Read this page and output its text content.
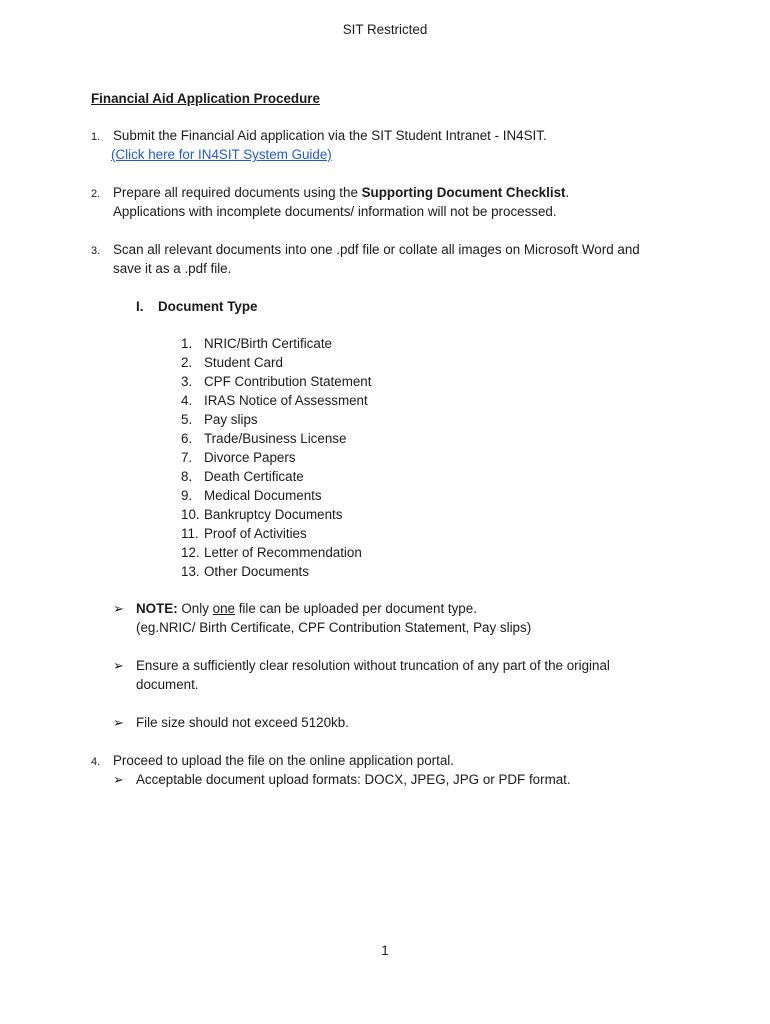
SIT Restricted
Financial Aid Application Procedure
1. Submit the Financial Aid application via the SIT Student Intranet - IN4SIT.
(Click here for IN4SIT System Guide)
2. Prepare all required documents using the Supporting Document Checklist.
Applications with incomplete documents/ information will not be processed.
3. Scan all relevant documents into one .pdf file or collate all images on Microsoft Word and
save it as a .pdf file.
I. Document Type
1. NRIC/Birth Certificate
2. Student Card
3. CPF Contribution Statement
4. IRAS Notice of Assessment
5. Pay slips
6. Trade/Business License
7. Divorce Papers
8. Death Certificate
9. Medical Documents
10. Bankruptcy Documents
11. Proof of Activities
12. Letter of Recommendation
13. Other Documents
➢ NOTE: Only one file can be uploaded per document type.
(eg.NRIC/ Birth Certificate, CPF Contribution Statement, Pay slips)
➢ Ensure a sufficiently clear resolution without truncation of any part of the original
document.
➢ File size should not exceed 5120kb.
4. Proceed to upload the file on the online application portal.
➢ Acceptable document upload formats: DOCX, JPEG, JPG or PDF format.
1
